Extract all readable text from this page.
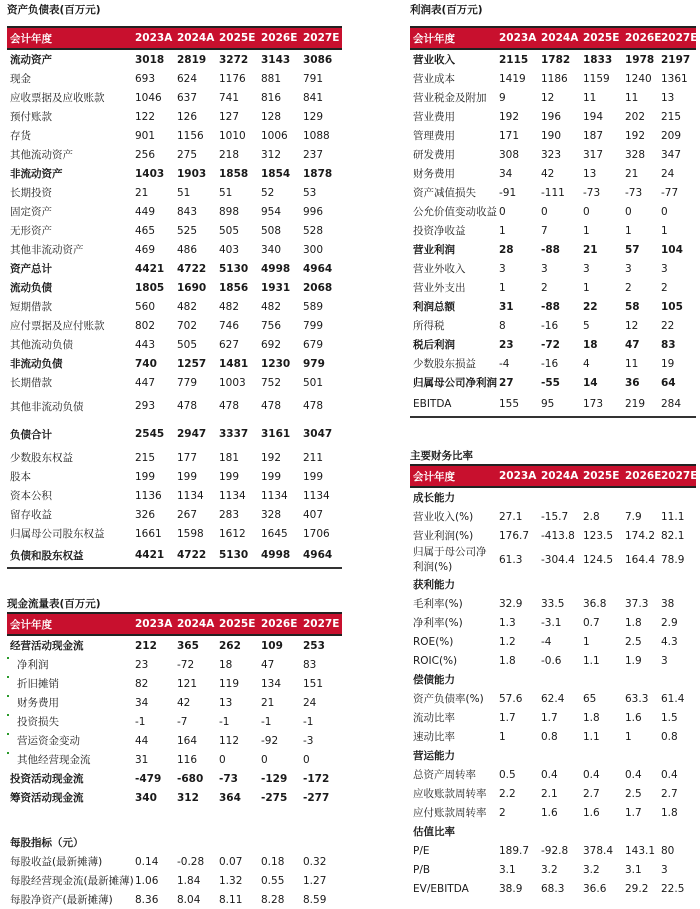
资产负债表(百万元)
会计年度	2023A	2024A	2025E	2026E	2027E
流动资产	3018	2819	3272	3143	3086
现金	693	624	1176	881	791
应收票据及应收账款	1046	637	741	816	841
预付账款	122	126	127	128	129
存货	901	1156	1010	1006	1088
其他流动资产	256	275	218	312	237
非流动资产	1403	1903	1858	1854	1878
长期投资	21	51	51	52	53
固定资产	449	843	898	954	996
无形资产	465	525	505	508	528
其他非流动资产	469	486	403	340	300
资产总计	4421	4722	5130	4998	4964
流动负债	1805	1690	1856	1931	2068
短期借款	560	482	482	482	589
应付票据及应付账款	802	702	746	756	799
其他流动负债	443	505	627	692	679
非流动负债	740	1257	1481	1230	979
长期借款	447	779	1003	752	501
其他非流动负债	293	478	478	478	478
负债合计	2545	2947	3337	3161	3047
少数股东权益	215	177	181	192	211
股本	199	199	199	199	199
资本公积	1136	1134	1134	1134	1134
留存收益	326	267	283	328	407
归属母公司股东权益	1661	1598	1612	1645	1706
负债和股东权益	4421	4722	5130	4998	4964
现金流量表(百万元)
会计年度	2023A	2024A	2025E	2026E	2027E
经营活动现金流	212	365	262	109	253
净利润	23	-72	18	47	83
折旧摊销	82	121	119	134	151
财务费用	34	42	13	21	24
投资损失	-1	-7	-1	-1	-1
营运资金变动	44	164	112	-92	-3
其他经营现金流	31	116	0	0	0
投资活动现金流	-479	-680	-73	-129	-172
筹资活动现金流	340	312	364	-275	-277
每股指标（元）					
每股收益(最新摊薄)	0.14	-0.28	0.07	0.18	0.32
每股经营现金流(最新摊薄)	1.06	1.84	1.32	0.55	1.27
每股净资产(最新摊薄)	8.36	8.04	8.11	8.28	8.59
利润表(百万元)
会计年度	2023A	2024A	2025E	2026E	2027E
营业收入	2115	1782	1833	1978	2197
营业成本	1419	1186	1159	1240	1361
营业税金及附加	9	12	11	11	13
营业费用	192	196	194	202	215
管理费用	171	190	187	192	209
研发费用	308	323	317	328	347
财务费用	34	42	13	21	24
资产减值损失	-91	-111	-73	-73	-77
公允价值变动收益	0	0	0	0	0
投资净收益	1	7	1	1	1
营业利润	28	-88	21	57	104
营业外收入	3	3	3	3	3
营业外支出	1	2	1	2	2
利润总额	31	-88	22	58	105
所得税	8	-16	5	12	22
税后利润	23	-72	18	47	83
少数股东损益	-4	-16	4	11	19
归属母公司净利润	27	-55	14	36	64
EBITDA	155	95	173	219	284
主要财务比率
会计年度	2023A	2024A	2025E	2026E	2027E
成长能力					
营业收入(%)	27.1	-15.7	2.8	7.9	11.1
营业利润(%)	176.7	-413.8	123.5	174.2	82.1
归属于母公司净利润(%)	61.3	-304.4	124.5	164.4	78.9
获利能力					
毛利率(%)	32.9	33.5	36.8	37.3	38
净利率(%)	1.3	-3.1	0.7	1.8	2.9
ROE(%)	1.2	-4	1	2.5	4.3
ROIC(%)	1.8	-0.6	1.1	1.9	3
偿债能力					
资产负债率(%)	57.6	62.4	65	63.3	61.4
流动比率	1.7	1.7	1.8	1.6	1.5
速动比率	1	0.8	1.1	1	0.8
营运能力					
总资产周转率	0.5	0.4	0.4	0.4	0.4
应收账款周转率	2.2	2.1	2.7	2.5	2.7
应付账款周转率	2	1.6	1.6	1.7	1.8
估值比率					
P/E	189.7	-92.8	378.4	143.1	80
P/B	3.1	3.2	3.2	3.1	3
EV/EBITDA	38.9	68.3	36.6	29.2	22.5
